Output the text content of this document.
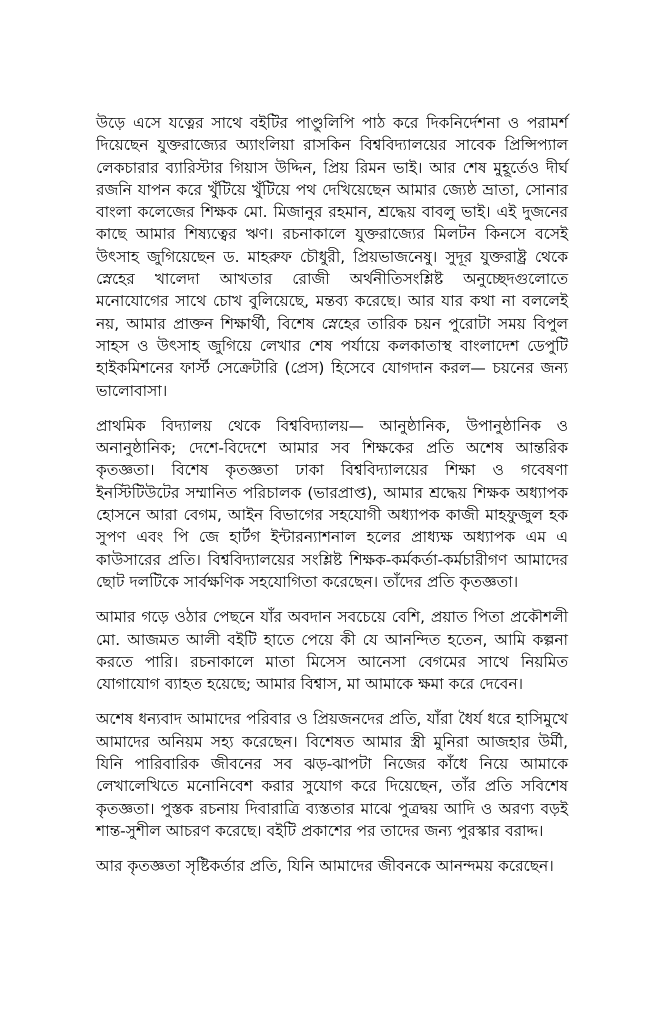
উড়ে এসে যত্নের সাথে বইটির পাণ্ডুলিপি পাঠ করে দিকনির্দেশনা ও পরামর্শ দিয়েছেন যুক্তরাজ্যের অ্যাংলিয়া রাসকিন বিশ্ববিদ্যালয়ের সাবেক প্রিন্সিপ্যাল লেকচারার ব্যারিস্টার গিয়াস উদ্দিন, প্রিয় রিমন ভাই। আর শেষ মুহূর্তেও দীর্ঘ রজনি যাপন করে খুঁটিয়ে খুঁটিয়ে পথ দেখিয়েছেন আমার জ্যেষ্ঠ ভ্রাতা, সোনার বাংলা কলেজের শিক্ষক মো. মিজানুর রহমান, শ্রদ্ধেয় বাবলু ভাই। এই দুজনের কাছে আমার শিষ্যত্বের ঋণ। রচনাকালে যুক্তরাজ্যের মিলটন কিনসে বসেই উৎসাহ জুগিয়েছেন ড. মাহরুফ চৌধুরী, প্রিয়ভাজনেষু। সুদূর যুক্তরাষ্ট্র থেকে স্নেহের খালেদা আখতার রোজী অর্থনীতিসংশ্লিষ্ট অনুচ্ছেদগুলোতে মনোযোগের সাথে চোখ বুলিয়েছে, মন্তব্য করেছে। আর যার কথা না বললেই নয়, আমার প্রাক্তন শিক্ষার্থী, বিশেষ স্নেহের তারিক চয়ন পুরোটা সময় বিপুল সাহস ও উৎসাহ জুগিয়ে লেখার শেষ পর্যায়ে কলকাতাস্থ বাংলাদেশ ডেপুটি হাইকমিশনের ফার্স্ট সেক্রেটারি (প্রেস) হিসেবে যোগদান করল— চয়নের জন্য ভালোবাসা।

প্রাথমিক বিদ্যালয় থেকে বিশ্ববিদ্যালয়— আনুষ্ঠানিক, উপানুষ্ঠানিক ও অনানুষ্ঠানিক; দেশে-বিদেশে আমার সব শিক্ষকের প্রতি অশেষ আন্তরিক কৃতজ্ঞতা। বিশেষ কৃতজ্ঞতা ঢাকা বিশ্ববিদ্যালয়ের শিক্ষা ও গবেষণা ইনস্টিটিউটের সম্মানিত পরিচালক (ভারপ্রাপ্ত), আমার শ্রদ্ধেয় শিক্ষক অধ্যাপক হোসনে আরা বেগম, আইন বিভাগের সহযোগী অধ্যাপক কাজী মাহফুজুল হক সুপণ এবং পি জে হার্টগ ইন্টারন্যাশনাল হলের প্রাধ্যক্ষ অধ্যাপক এম এ কাউসারের প্রতি। বিশ্ববিদ্যালয়ের সংশ্লিষ্ট শিক্ষক-কর্মকর্তা-কর্মচারীগণ আমাদের ছোট দলটিকে সার্বক্ষণিক সহযোগিতা করেছেন। তাঁদের প্রতি কৃতজ্ঞতা।

আমার গড়ে ওঠার পেছনে যাঁর অবদান সবচেয়ে বেশি, প্রয়াত পিতা প্রকৌশলী মো. আজমত আলী বইটি হাতে পেয়ে কী যে আনন্দিত হতেন, আমি কল্পনা করতে পারি। রচনাকালে মাতা মিসেস আনেসা বেগমের সাথে নিয়মিত যোগাযোগ ব্যাহত হয়েছে; আমার বিশ্বাস, মা আমাকে ক্ষমা করে দেবেন।

অশেষ ধন্যবাদ আমাদের পরিবার ও প্রিয়জনদের প্রতি, যাঁরা ধৈর্য ধরে হাসিমুখে আমাদের অনিয়ম সহ্য করেছেন। বিশেষত আমার স্ত্রী মুনিরা আজহার উর্মী, যিনি পারিবারিক জীবনের সব ঝড়-ঝাপটা নিজের কাঁধে নিয়ে আমাকে লেখালেখিতে মনোনিবেশ করার সুযোগ করে দিয়েছেন, তাঁর প্রতি সবিশেষ কৃতজ্ঞতা। পুস্তক রচনায় দিবারাত্রি ব্যস্ততার মাঝে পুত্রদ্বয় আদি ও অরণ্য বড়ই শান্ত-সুশীল আচরণ করেছে। বইটি প্রকাশের পর তাদের জন্য পুরস্কার বরাদ্দ।

আর কৃতজ্ঞতা সৃষ্টিকর্তার প্রতি, যিনি আমাদের জীবনকে আনন্দময় করেছেন।
